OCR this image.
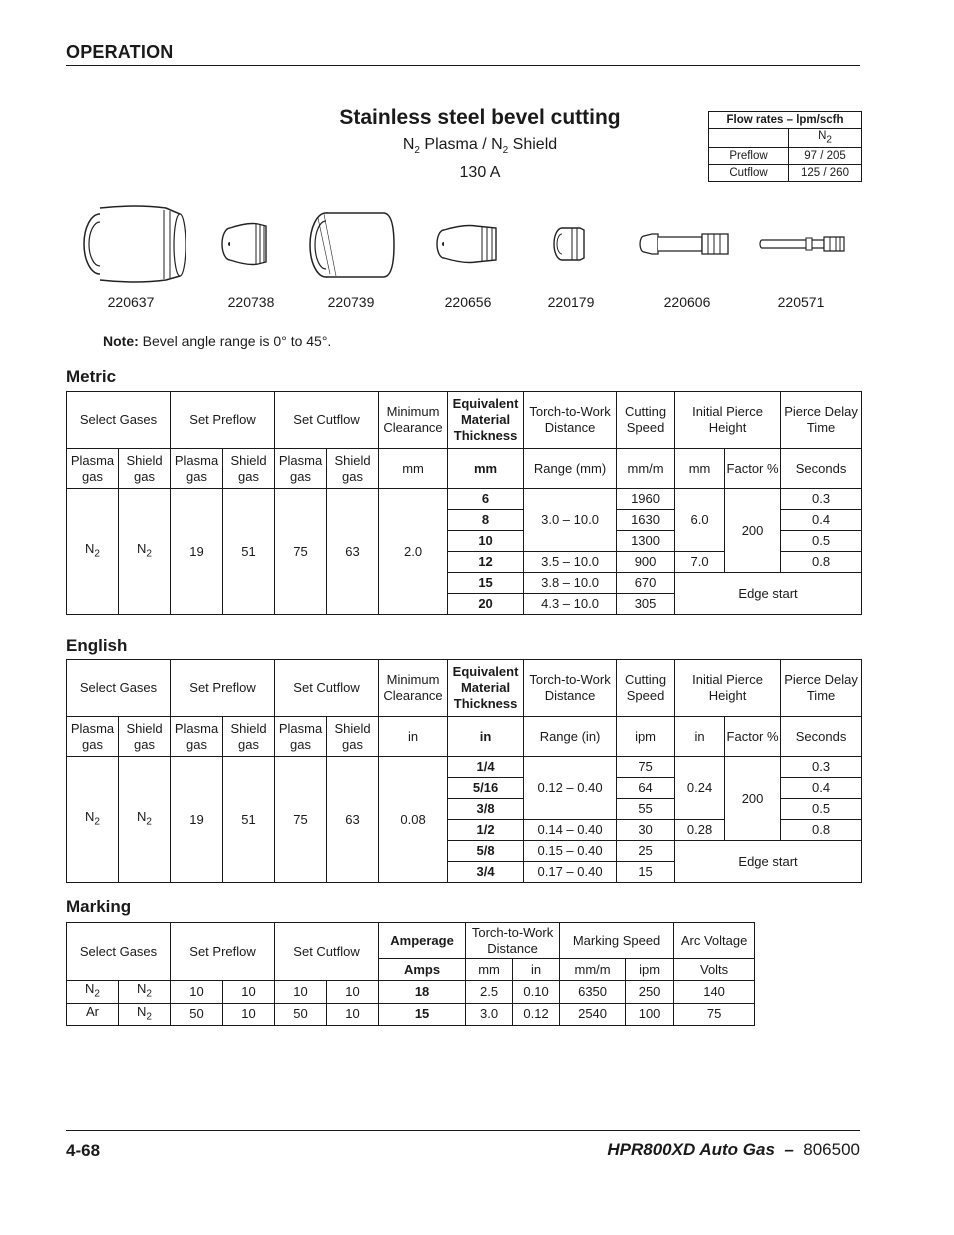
OPERATION
Stainless steel bevel cutting
$N_2$ Plasma / $N_2$ Shield
130 A
Flow rates – lpm/scfh	
	$N_2$
Preflow	97 / 205
Cutflow	125 / 260
220637	220738	220739	220656	220179	220606	220571
Note: Bevel angle range is 0° to 45°.
Metric
Select Gases		Set Preflow		Set Cutflow		Minimum Clearance	Equivalent Material Thickness	Torch-to-Work Distance	Cutting Speed	Initial Pierce Height		Pierce Delay Time
Plasma gas	Shield gas	Plasma gas	Shield gas	Plasma gas	Shield gas	mm	mm	Range (mm)	mm/m	mm	Factor %	Seconds
$N_2$	$N_2$	19	51	75	63	2.0	6	3.0 – 10.0	1960	6.0	200	0.3
							8		1630			0.4
							10		1300			0.5
							12	3.5 – 10.0	900	7.0		0.8
							15	3.8 – 10.0	670	Edge start		
							20	4.3 – 10.0	305			
English
Select Gases		Set Preflow		Set Cutflow		Minimum Clearance	Equivalent Material Thickness	Torch-to-Work Distance	Cutting Speed	Initial Pierce Height		Pierce Delay Time
Plasma gas	Shield gas	Plasma gas	Shield gas	Plasma gas	Shield gas	in	in	Range (in)	ipm	in	Factor %	Seconds
$N_2$	$N_2$	19	51	75	63	0.08	1/4	0.12 – 0.40	75	0.24	200	0.3
							5/16		64			0.4
							3/8		55			0.5
							1/2	0.14 – 0.40	30	0.28		0.8
							5/8	0.15 – 0.40	25	Edge start		
							3/4	0.17 – 0.40	15			
Marking
Select Gases		Set Preflow		Set Cutflow		Amperage	Torch-to-Work Distance		Marking Speed		Arc Voltage
						Amps	mm	in	mm/m	ipm	Volts
$N_2$	$N_2$	10	10	10	10	18	2.5	0.10	6350	250	140
Ar	$N_2$	50	10	50	10	15	3.0	0.12	2540	100	75
4-68	HPR800XD Auto Gas  –  806500
